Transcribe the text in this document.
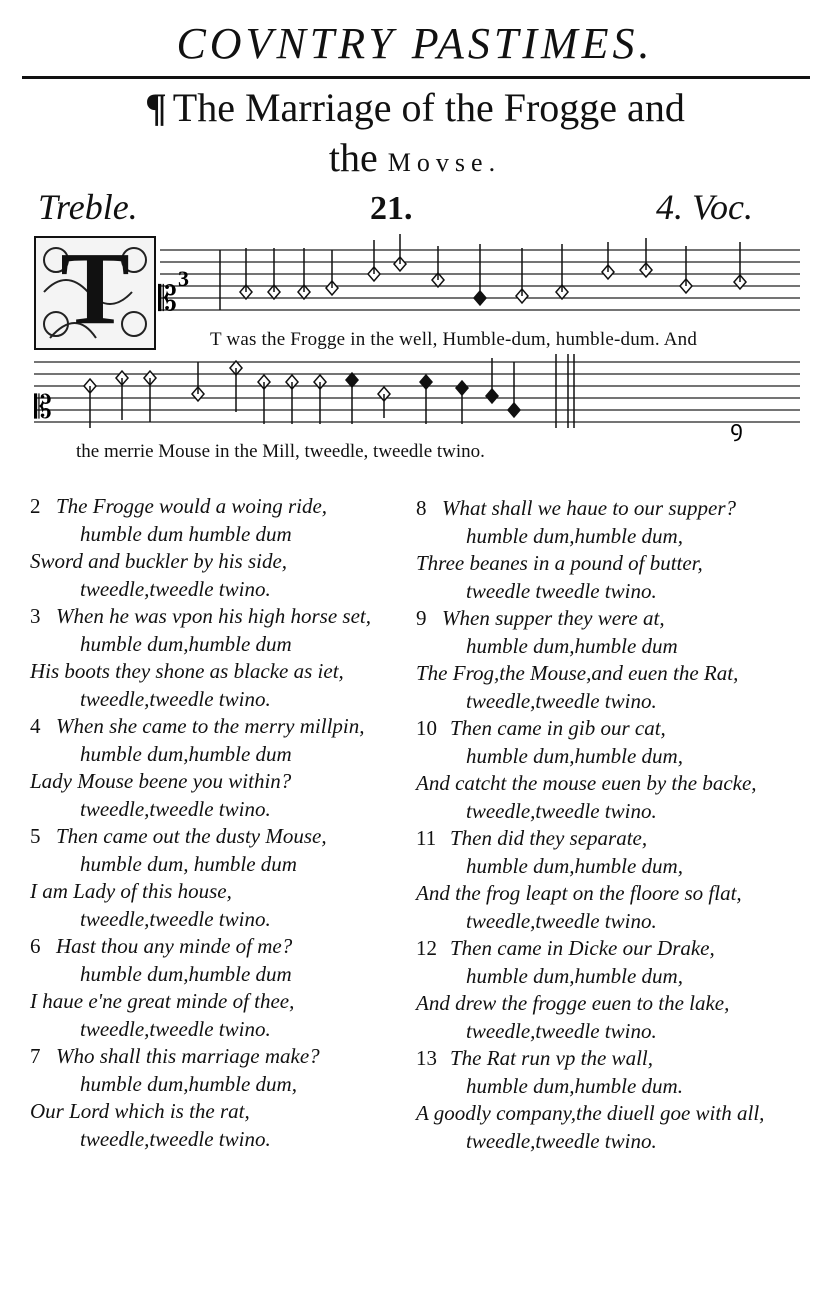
COVNTRY PASTIMES.
¶ The Marriage of the Frogge and
the Movse.
Treble.	21.	4. Voc.
T 𝄡
3
𝄡
ꝯ
T was the Frogge in the well, Humble-dum, humble-dum. And
the merrie Mouse in the Mill, tweedle, tweedle twino.
2 The Frogge would a woing ride,
humble dum humble dum
Sword and buckler by his side,
tweedle,tweedle twino.
3 When he was vpon his high horse set,
humble dum,humble dum
His boots they shone as blacke as iet,
tweedle,tweedle twino.
4 When she came to the merry millpin,
humble dum,humble dum
Lady Mouse beene you within?
tweedle,tweedle twino.
5 Then came out the dusty Mouse,
humble dum, humble dum
I am Lady of this house,
tweedle,tweedle twino.
6 Hast thou any minde of me?
humble dum,humble dum
I haue e'ne great minde of thee,
tweedle,tweedle twino.
7 Who shall this marriage make?
humble dum,humble dum,
Our Lord which is the rat,
tweedle,tweedle twino.
8 What shall we haue to our supper?
humble dum,humble dum,
Three beanes in a pound of butter,
tweedle tweedle twino.
9 When supper they were at,
humble dum,humble dum
The Frog,the Mouse,and euen the Rat,
tweedle,tweedle twino.
10 Then came in gib our cat,
humble dum,humble dum,
And catcht the mouse euen by the backe,
tweedle,tweedle twino.
11 Then did they separate,
humble dum,humble dum,
And the frog leapt on the floore so flat,
tweedle,tweedle twino.
12 Then came in Dicke our Drake,
humble dum,humble dum,
And drew the frogge euen to the lake,
tweedle,tweedle twino.
13 The Rat run vp the wall,
humble dum,humble dum.
A goodly company,the diuell goe with all,
tweedle,tweedle twino.
